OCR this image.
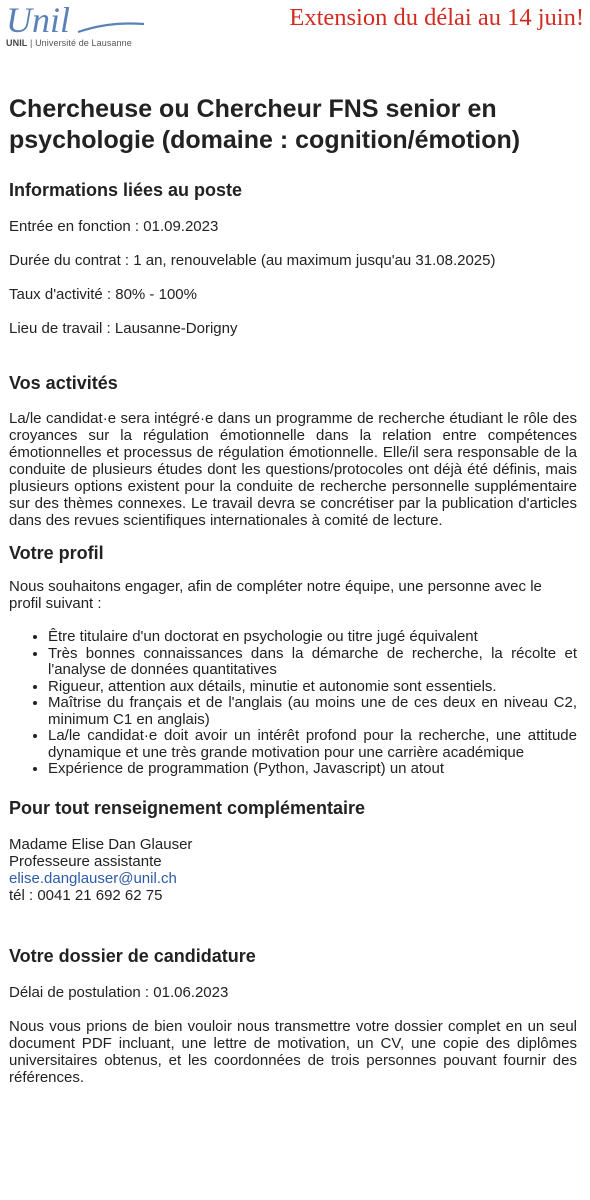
Unil
UNIL | Université de Lausanne
Extension du délai au 14 juin!
Chercheuse ou Chercheur FNS senior en psychologie (domaine : cognition/émotion)
Informations liées au poste

Entrée en fonction : 01.09.2023

Durée du contrat : 1 an, renouvelable (au maximum jusqu'au 31.08.2025)

Taux d'activité : 80% - 100%

Lieu de travail : Lausanne-Dorigny

Vos activités

La/le candidat·e sera intégré·e dans un programme de recherche étudiant le rôle des croyances sur la régulation émotionnelle dans la relation entre compétences émotionnelles et processus de régulation émotionnelle. Elle/il sera responsable de la conduite de plusieurs études dont les questions/protocoles ont déjà été définis, mais plusieurs options existent pour la conduite de recherche personnelle supplémentaire sur des thèmes connexes. Le travail devra se concrétiser par la publication d'articles dans des revues scientifiques internationales à comité de lecture.

Votre profil

Nous souhaitons engager, afin de compléter notre équipe, une personne avec le profil suivant :

• Être titulaire d'un doctorat en psychologie ou titre jugé équivalent
• Très bonnes connaissances dans la démarche de recherche, la récolte et l'analyse de données quantitatives
• Rigueur, attention aux détails, minutie et autonomie sont essentiels.
• Maîtrise du français et de l'anglais (au moins une de ces deux en niveau C2, minimum C1 en anglais)
• La/le candidat·e doit avoir un intérêt profond pour la recherche, une attitude dynamique et une très grande motivation pour une carrière académique
• Expérience de programmation (Python, Javascript) un atout
Pour tout renseignement complémentaire

Madame Elise Dan Glauser

Professeure assistante

elise.danglauser@unil.ch

tél : 0041 21 692 62 75

Votre dossier de candidature

Délai de postulation : 01.06.2023

Nous vous prions de bien vouloir nous transmettre votre dossier complet en un seul document PDF incluant, une lettre de motivation, un CV, une copie des diplômes universitaires obtenus, et les coordonnées de trois personnes pouvant fournir des références.
